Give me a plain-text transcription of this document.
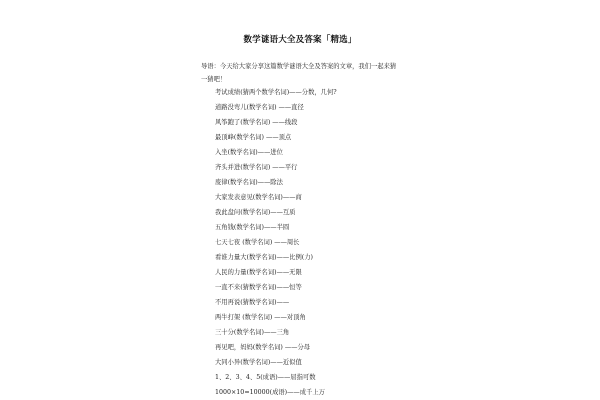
数学谜语大全及答案「精选」
导语：今天给大家分享这篇数学谜语大全及答案的文章，我们一起来猜一猜吧！
考试成绩(猜两个数学名词)——分数，几何?
道路没弯儿(数学名词) ——直径
风筝跑了(数学名词) ——线段
最顶峰(数学名词) ——顶点
入坐(数学名词)——进位
齐头并进(数学名词) ——平行
废律(数学名词)——除法
大家发表意见(数学名词)——商
我此盘问(数学名词)——互质
五角钱(数学名词)——半圆
七天七夜 (数学名词) ——周长
看谁力量大(数学名词)——比例(力)
人民的力量(数学名词)——无限
一直不来(猜数学名词)——恒等
不用再说(猜数学名词)——
两牛打架 (数学名词) ——对顶角
三十分(数学名词)——三角
再见吧，妈妈(数学名词) ——分母
大同小异(数学名词)——近似值
1、2、3、4、5(成语)——屈指可数
1000×10=10000(成语)——成千上万
